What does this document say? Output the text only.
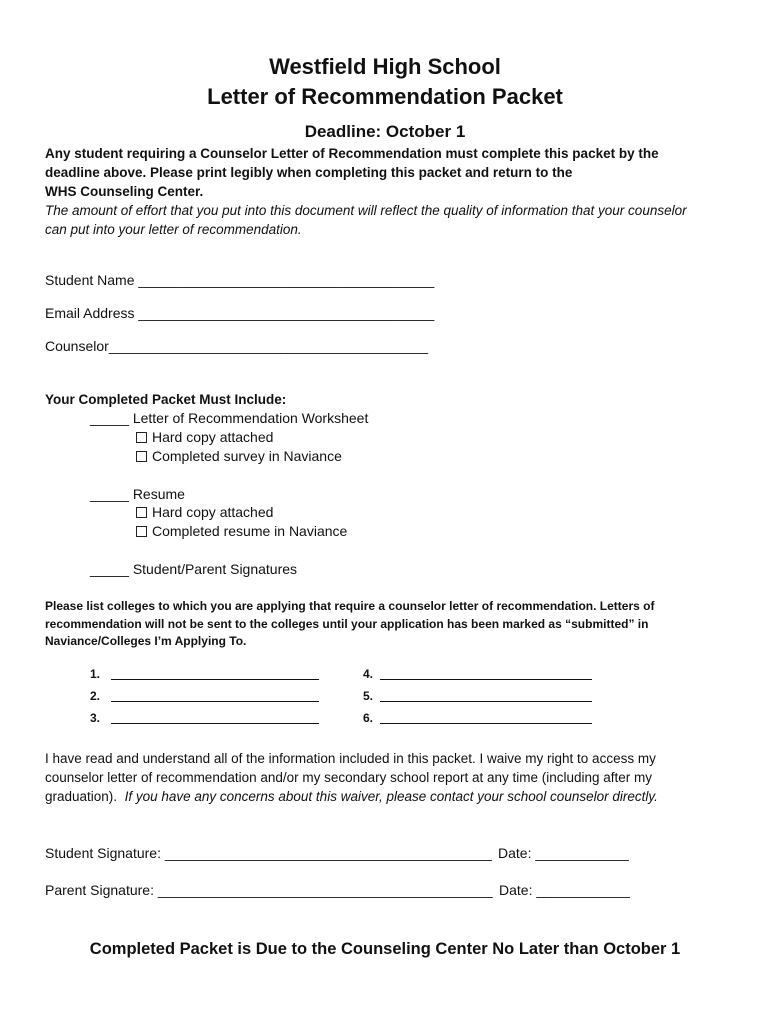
Westfield High School
Letter of Recommendation Packet
Deadline: October 1
Any student requiring a Counselor Letter of Recommendation must complete this packet by the
deadline above. Please print legibly when completing this packet and return to the
WHS Counseling Center.
The amount of effort that you put into this document will reflect the quality of information that your counselor
can put into your letter of recommendation.
Student Name ______________________________________
Email Address ______________________________________
Counselor_________________________________________
Your Completed Packet Must Include:
_____ Letter of Recommendation Worksheet
Hard copy attached
Completed survey in Naviance
_____ Resume
Hard copy attached
Completed resume in Naviance
_____ Student/Parent Signatures
Please list colleges to which you are applying that require a counselor letter of recommendation. Letters of
recommendation will not be sent to the colleges until your application has been marked as “submitted” in
Naviance/Colleges I’m Applying To.
1.
2.
3.
4.
5.
6.
I have read and understand all of the information included in this packet. I waive my right to access my
counselor letter of recommendation and/or my secondary school report at any time (including after my
graduation).  If you have any concerns about this waiver, please contact your school counselor directly.
Student Signature: __________________________________________ Date: ____________
Parent Signature: ___________________________________________ Date: ____________
Completed Packet is Due to the Counseling Center No Later than October 1
